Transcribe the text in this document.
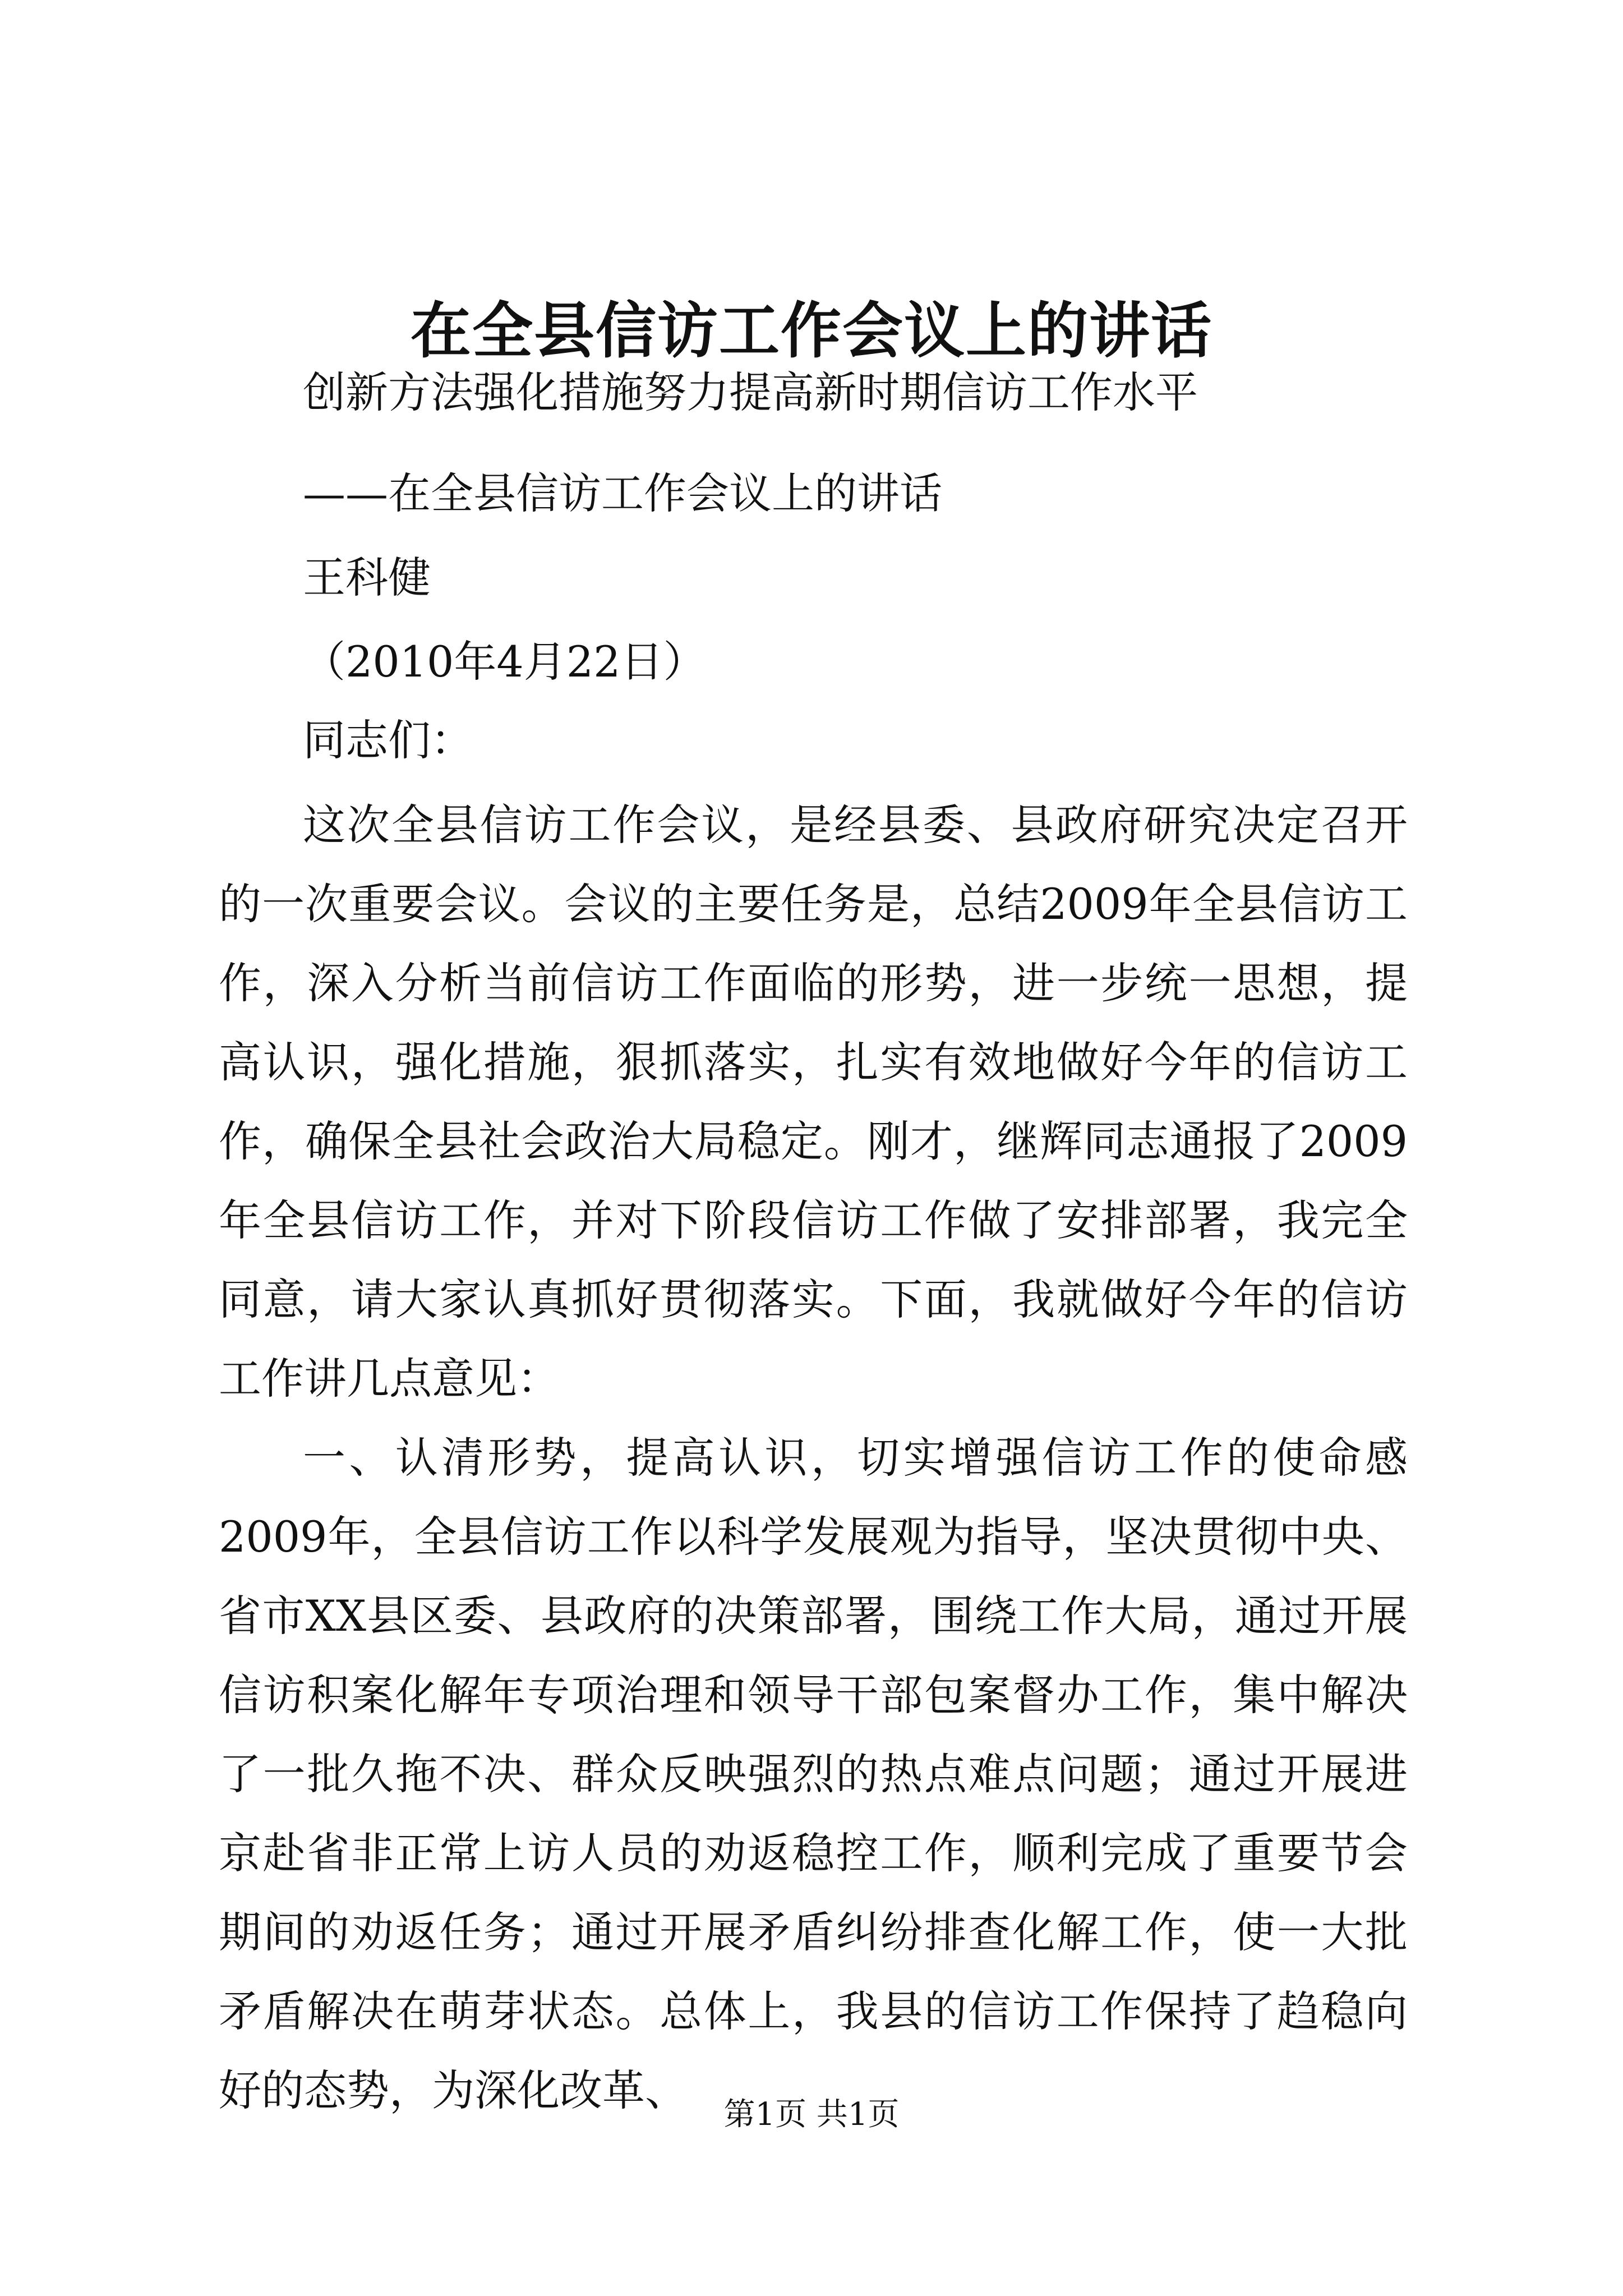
在全县信访工作会议上的讲话
创新方法强化措施努力提高新时期信访工作水平
——在全县信访工作会议上的讲话
王科健
（2010年4月22日）
同志们：

这次全县信访工作会议，是经县委、县政府研究决定召开的一次重要会议。会议的主要任务是，总结2009年全县信访工作，深入分析当前信访工作面临的形势，进一步统一思想，提高认识，强化措施，狠抓落实，扎实有效地做好今年的信访工作，确保全县社会政治大局稳定。刚才，继辉同志通报了2009年全县信访工作，并对下阶段信访工作做了安排部署，我完全同意，请大家认真抓好贯彻落实。下面，我就做好今年的信访工作讲几点意见：

一、认清形势，提高认识，切实增强信访工作的使命感2009年，全县信访工作以科学发展观为指导，坚决贯彻中央、省市XX县区委、县政府的决策部署，围绕工作大局，通过开展信访积案化解年专项治理和领导干部包案督办工作，集中解决了一批久拖不决、群众反映强烈的热点难点问题；通过开展进京赴省非正常上访人员的劝返稳控工作，顺利完成了重要节会期间的劝返任务；通过开展矛盾纠纷排查化解工作，使一大批矛盾解决在萌芽状态。总体上，我县的信访工作保持了趋稳向好的态势，为深化改革、	第1页 共1页
